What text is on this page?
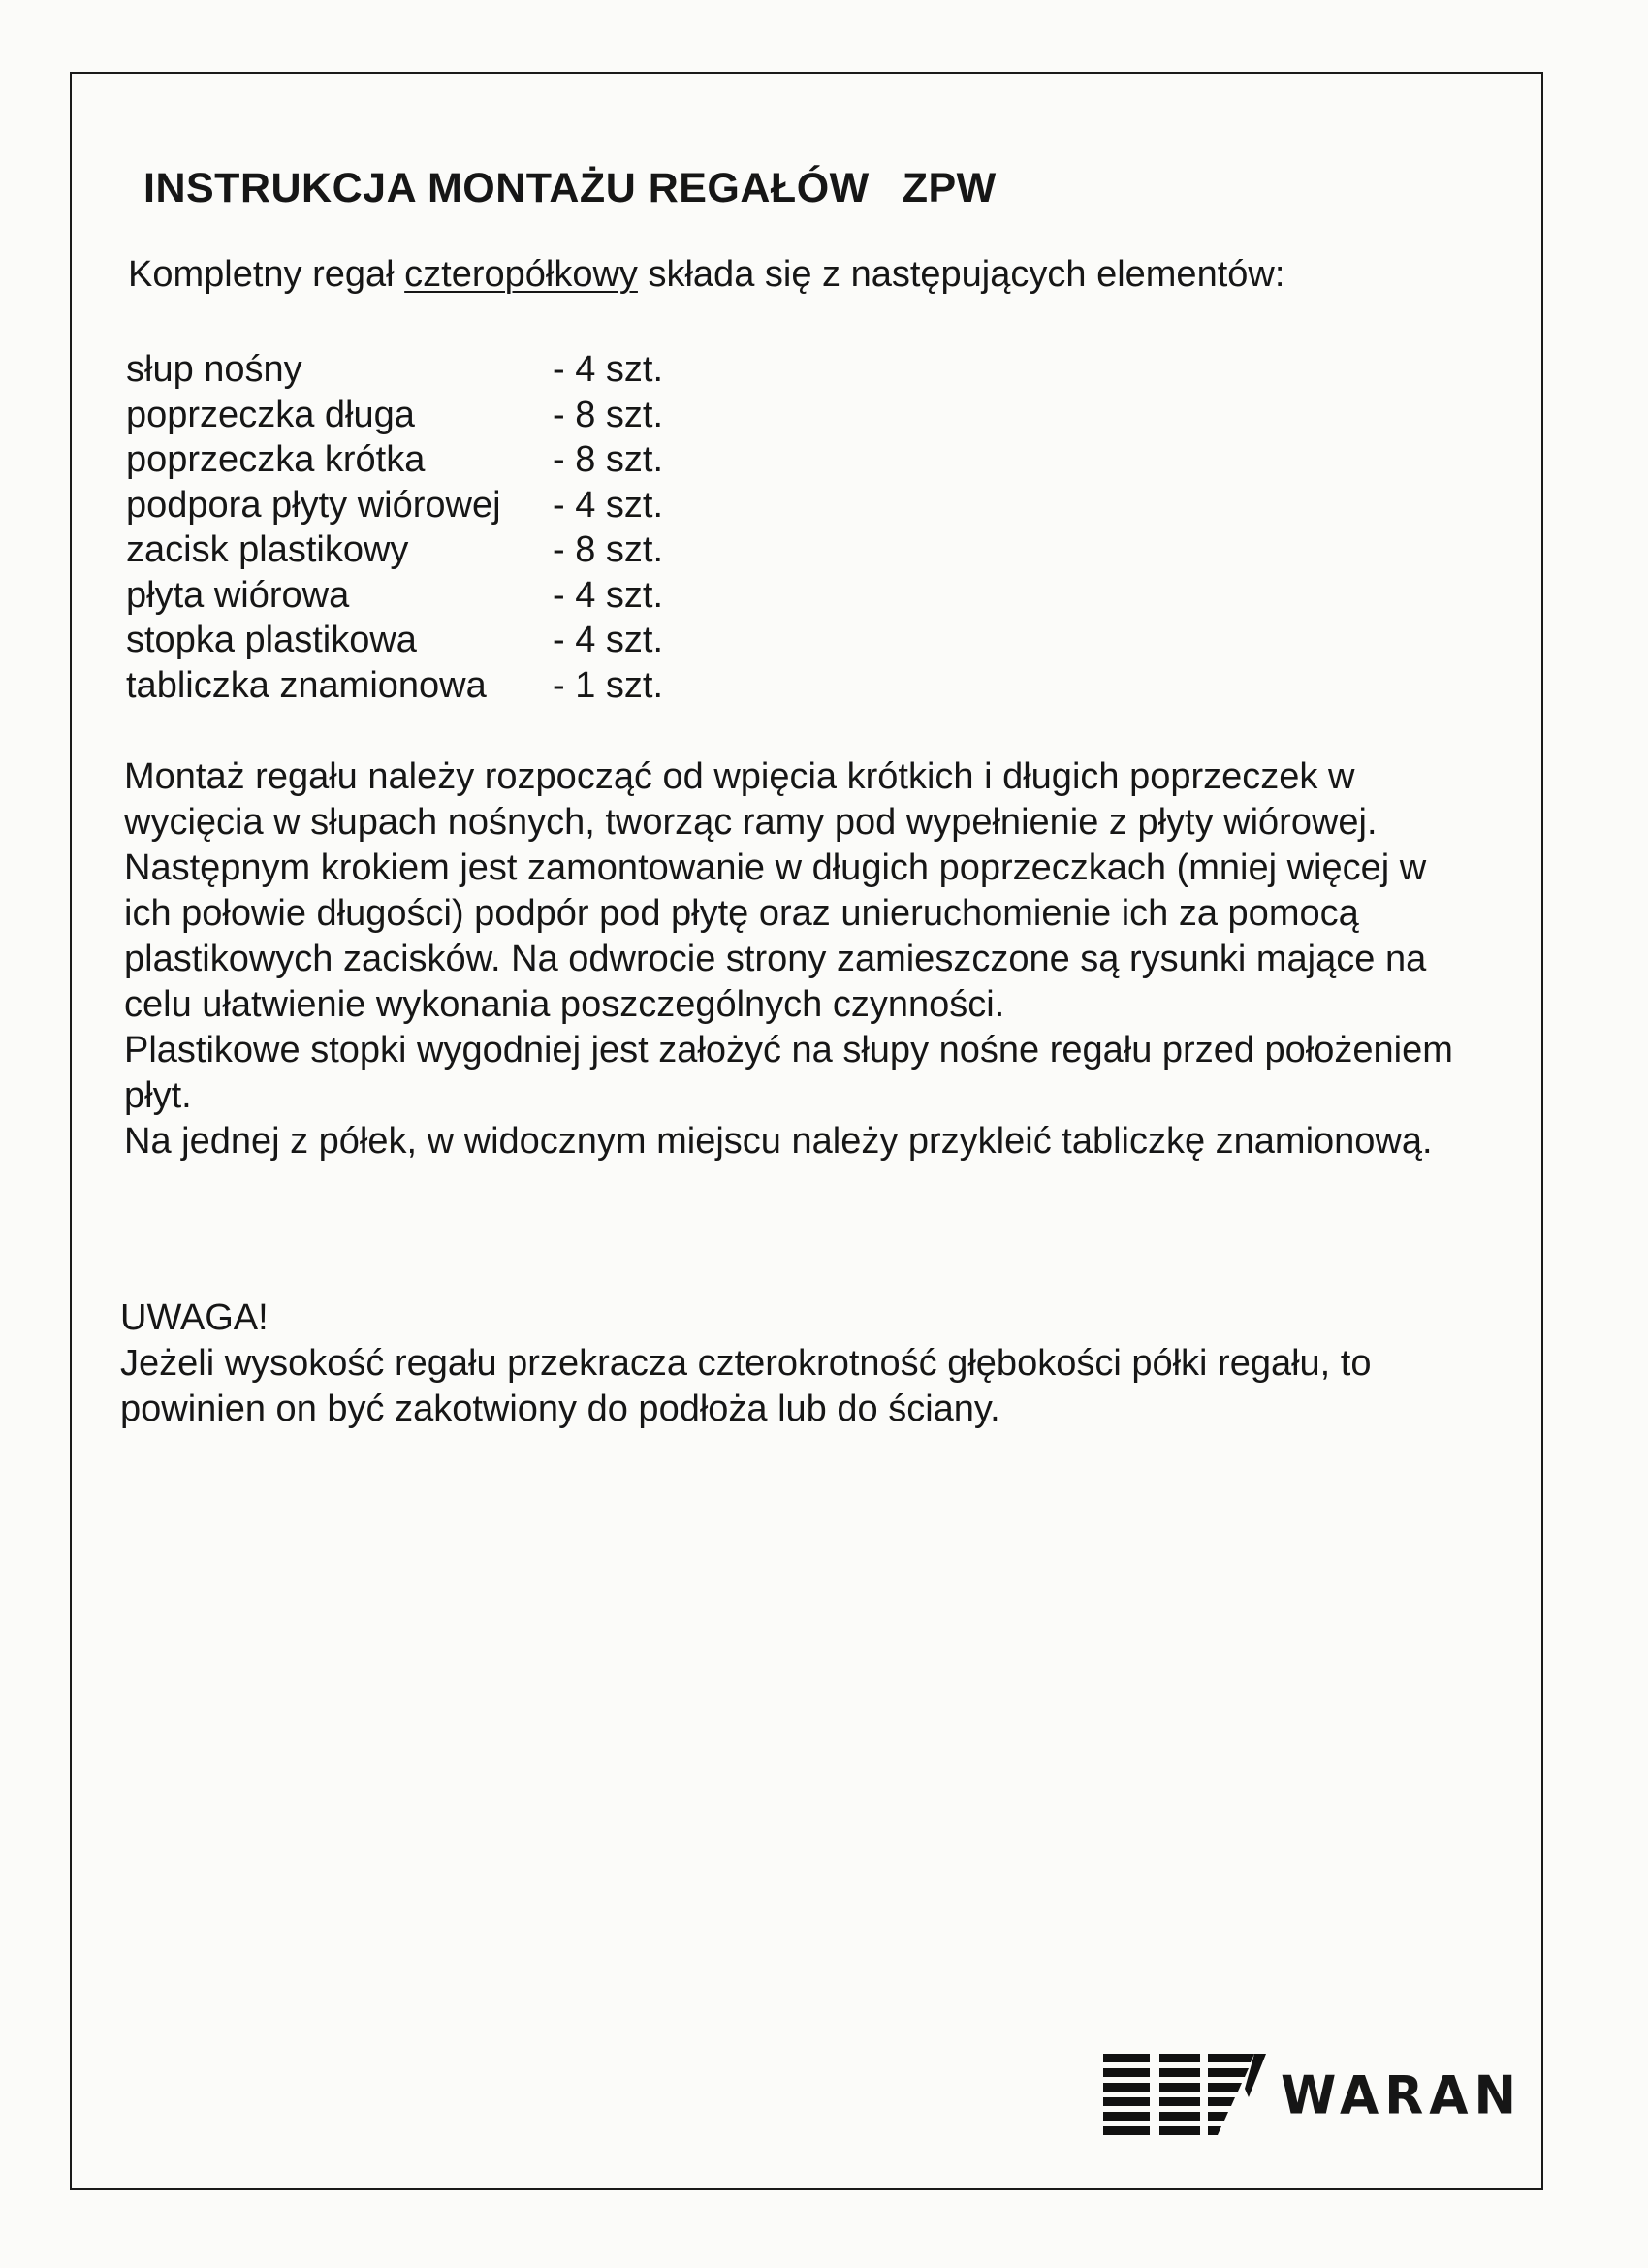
INSTRUKCJA MONTAŻU REGAŁÓW ZPW

Kompletny regał czteropółkowy składa się z następujących elementów:

słup nośny	- 4 szt.
poprzeczka długa	- 8 szt.
poprzeczka krótka	- 8 szt.
podpora płyty wiórowej - 4 szt.
zacisk plastikowy	- 8 szt.
płyta wiórowa	- 4 szt.
stopka plastikowa	- 4 szt.
tabliczka znamionowa - 1 szt.

Montaż regału należy rozpocząć od wpięcia krótkich i długich poprzeczek w wycięcia w słupach nośnych, tworząc ramy pod wypełnienie z płyty wiórowej.

Następnym krokiem jest zamontowanie w długich poprzeczkach (mniej więcej w ich połowie długości) podpór pod płytę oraz unieruchomienie ich za pomocą plastikowych zacisków. Na odwrocie strony zamieszczone są rysunki mające na celu ułatwienie wykonania poszczególnych czynności.

Plastikowe stopki wygodniej jest założyć na słupy nośne regału przed położeniem płyt.

Na jednej z półek, w widocznym miejscu należy przykleić tabliczkę znamionową.

UWAGA!

Jeżeli wysokość regału przekracza czterokrotność głębokości półki regału, to powinien on być zakotwiony do podłoża lub do ściany.

WARAN
